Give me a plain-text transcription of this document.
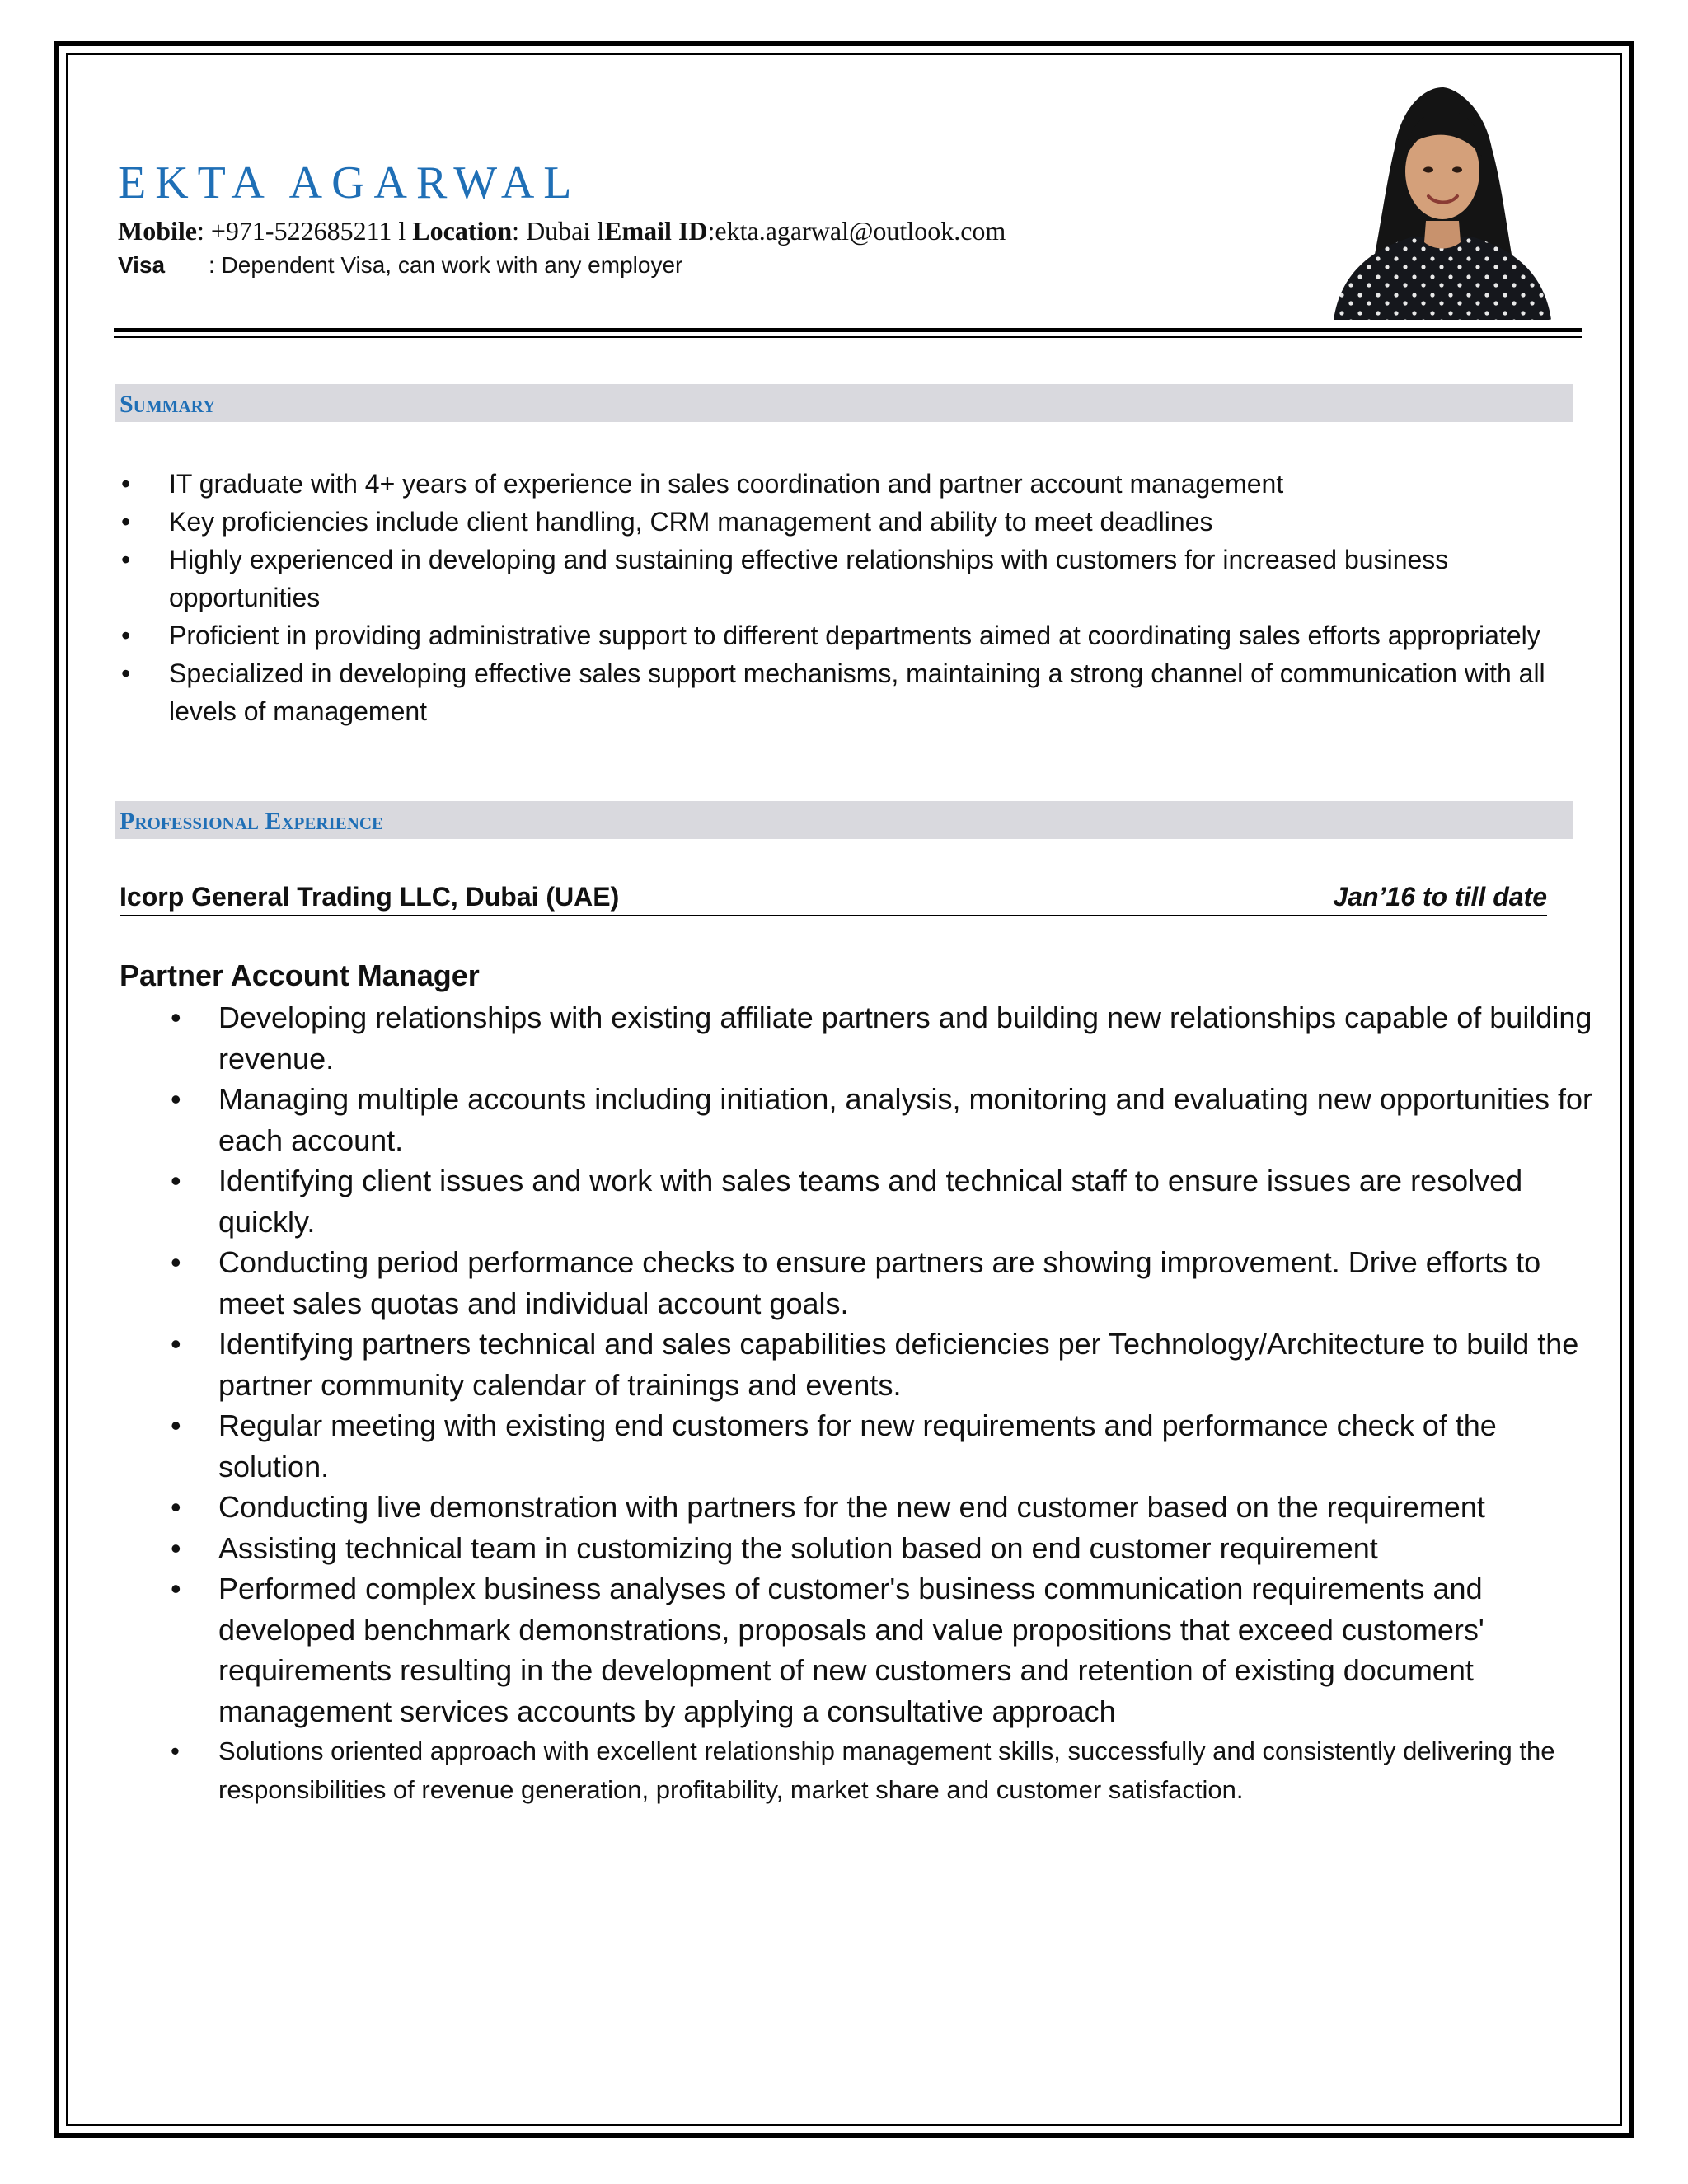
EKTA AGARWAL
Mobile: +971-522685211 l Location: Dubai lEmail ID:ekta.agarwal@outlook.com
Visa : Dependent Visa, can work with any employer
Summary
• IT graduate with 4+ years of experience in sales coordination and partner account management
• Key proficiencies include client handling, CRM management and ability to meet deadlines
• Highly experienced in developing and sustaining effective relationships with customers for increased business opportunities
• Proficient in providing administrative support to different departments aimed at coordinating sales efforts appropriately
• Specialized in developing effective sales support mechanisms, maintaining a strong channel of communication with all levels of management
Professional Experience
Icorp General Trading LLC, Dubai (UAE)	Jan’16 to till date
Partner Account Manager
• Developing relationships with existing affiliate partners and building new relationships capable of building revenue.
• Managing multiple accounts including initiation, analysis, monitoring and evaluating new opportunities for each account.
• Identifying client issues and work with sales teams and technical staff to ensure issues are resolved quickly.
• Conducting period performance checks to ensure partners are showing improvement. Drive efforts to meet sales quotas and individual account goals.
• Identifying partners technical and sales capabilities deficiencies per Technology/Architecture to build the partner community calendar of trainings and events.
• Regular meeting with existing end customers for new requirements and performance check of the solution.
• Conducting live demonstration with partners for the new end customer based on the requirement
• Assisting technical team in customizing the solution based on end customer requirement
• Performed complex business analyses of customer's business communication requirements and developed benchmark demonstrations, proposals and value propositions that exceed customers' requirements resulting in the development of new customers and retention of existing document management services accounts by applying a consultative approach
• Solutions oriented approach with excellent relationship management skills, successfully and consistently delivering the responsibilities of revenue generation, profitability, market share and customer satisfaction.
